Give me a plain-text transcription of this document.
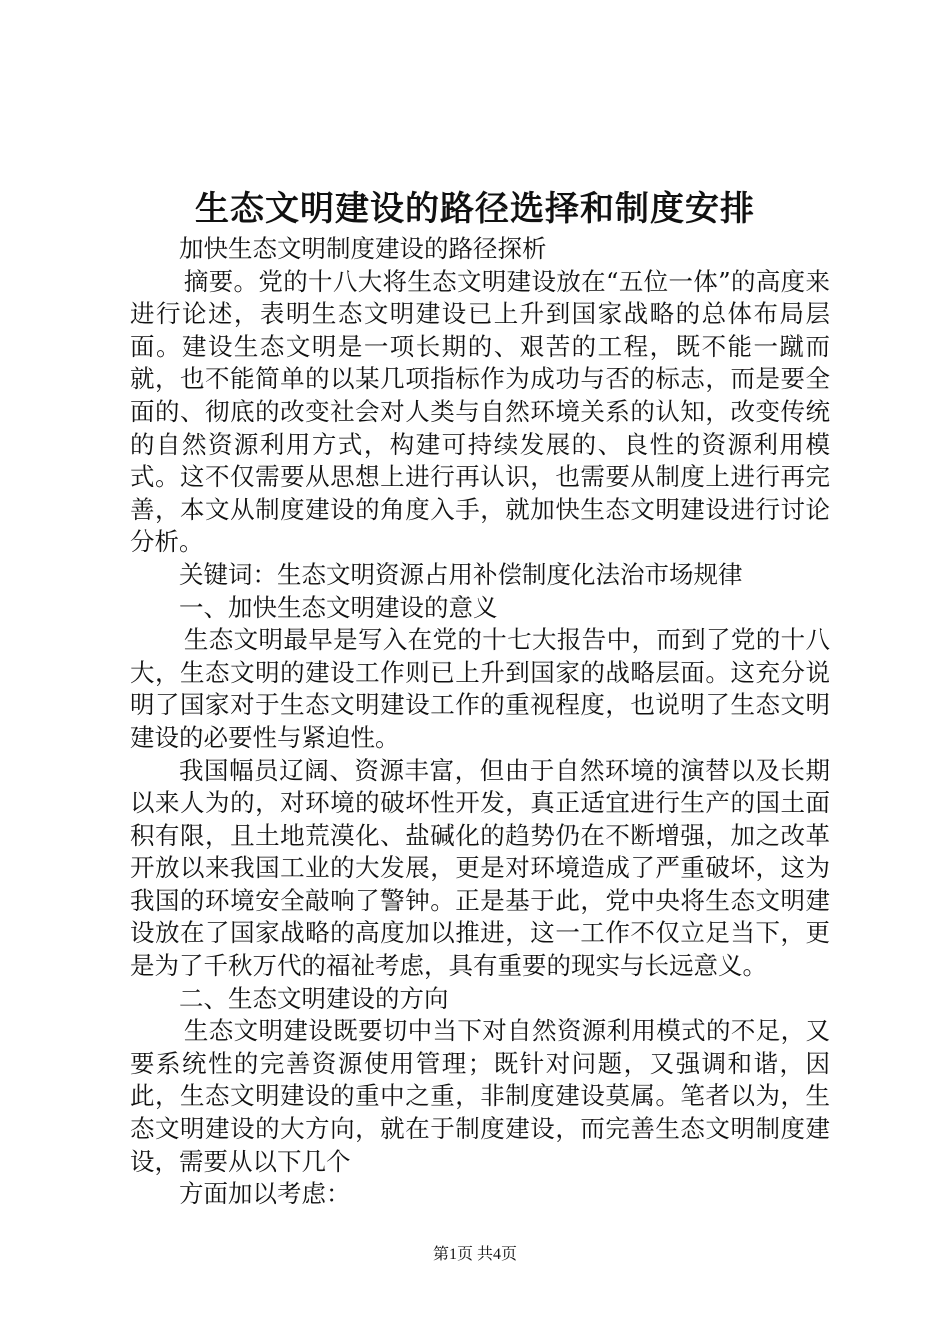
生态文明建设的路径选择和制度安排

加快生态文明制度建设的路径探析

摘要。党的十八大将生态文明建设放在“五位一体”的高度来进行论述，表明生态文明建设已上升到国家战略的总体布局层面。建设生态文明是一项长期的、艰苦的工程，既不能一蹴而就，也不能简单的以某几项指标作为成功与否的标志，而是要全面的、彻底的改变社会对人类与自然环境关系的认知，改变传统的自然资源利用方式，构建可持续发展的、良性的资源利用模式。这不仅需要从思想上进行再认识，也需要从制度上进行再完善，本文从制度建设的角度入手，就加快生态文明建设进行讨论分析。

关键词：生态文明资源占用补偿制度化法治市场规律

一、加快生态文明建设的意义

生态文明最早是写入在党的十七大报告中，而到了党的十八大，生态文明的建设工作则已上升到国家的战略层面。这充分说明了国家对于生态文明建设工作的重视程度，也说明了生态文明建设的必要性与紧迫性。

我国幅员辽阔、资源丰富，但由于自然环境的演替以及长期以来人为的，对环境的破坏性开发，真正适宜进行生产的国土面积有限，且土地荒漠化、盐碱化的趋势仍在不断增强，加之改革开放以来我国工业的大发展，更是对环境造成了严重破坏，这为我国的环境安全敲响了警钟。正是基于此，党中央将生态文明建设放在了国家战略的高度加以推进，这一工作不仅立足当下，更是为了千秋万代的福祉考虑，具有重要的现实与长远意义。

二、生态文明建设的方向

生态文明建设既要切中当下对自然资源利用模式的不足，又要系统性的完善资源使用管理；既针对问题，又强调和谐，因此，生态文明建设的重中之重，非制度建设莫属。笔者以为，生态文明建设的大方向，就在于制度建设，而完善生态文明制度建设，需要从以下几个

方面加以考虑：

第1页 共4页
